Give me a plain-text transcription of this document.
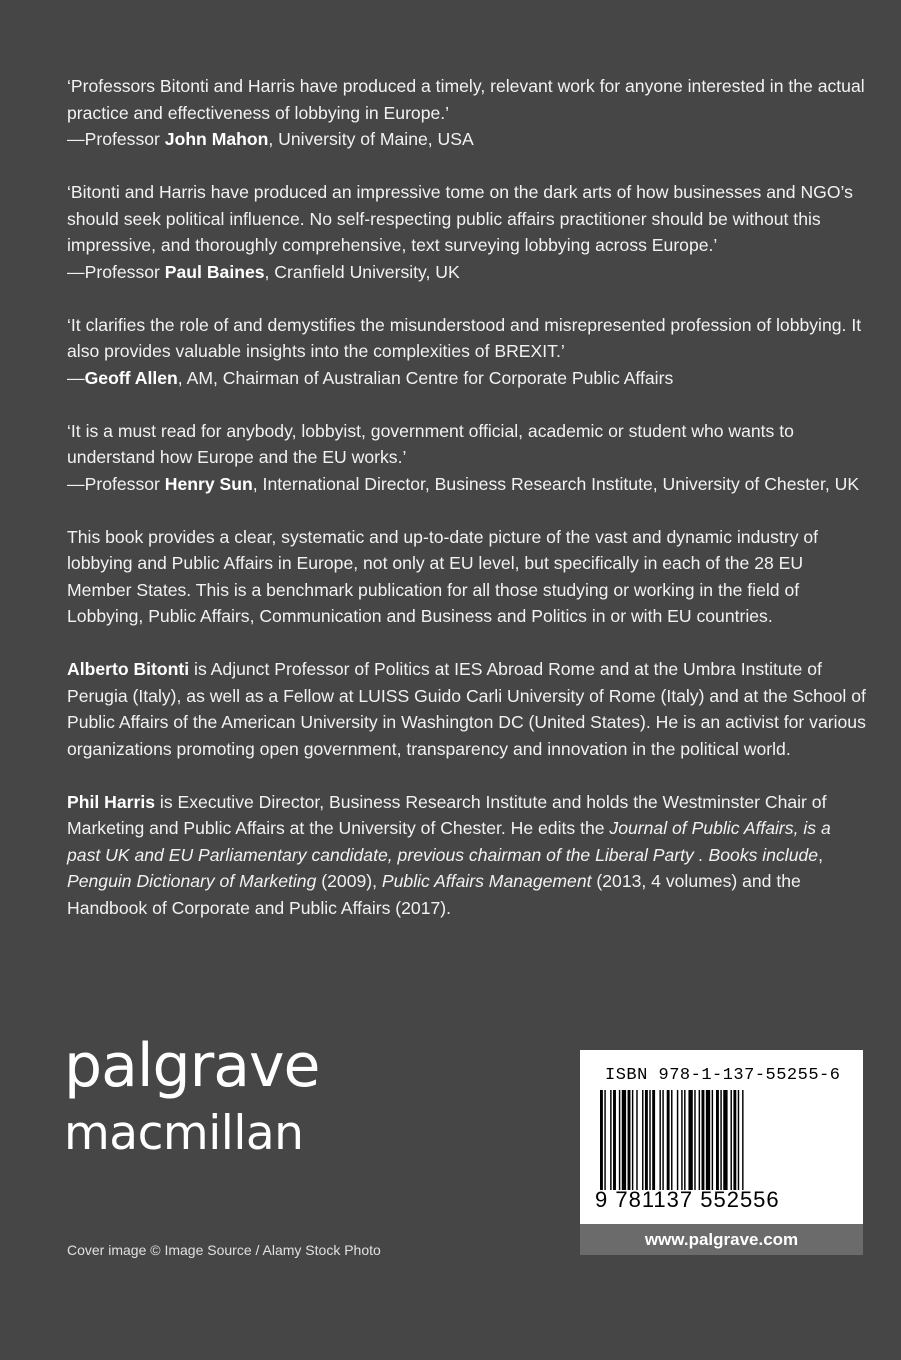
‘Professors Bitonti and Harris have produced a timely, relevant work for anyone interested in the actual practice and effectiveness of lobbying in Europe.’

—Professor John Mahon, University of Maine, USA

‘Bitonti and Harris have produced an impressive tome on the dark arts of how businesses and NGO’s should seek political influence. No self-respecting public affairs practitioner should be without this impressive, and thoroughly comprehensive, text surveying lobbying across Europe.’

—Professor Paul Baines, Cranfield University, UK

‘It clarifies the role of and demystifies the misunderstood and misrepresented profession of lobbying. It also provides valuable insights into the complexities of BREXIT.’

—Geoff Allen, AM, Chairman of Australian Centre for Corporate Public Affairs

‘It is a must read for anybody, lobbyist, government official, academic or student who wants to understand how Europe and the EU works.’

—Professor Henry Sun, International Director, Business Research Institute, University of Chester, UK

This book provides a clear, systematic and up-to-date picture of the vast and dynamic industry of lobbying and Public Affairs in Europe, not only at EU level, but specifically in each of the 28 EU Member States. This is a benchmark publication for all those studying or working in the field of Lobbying, Public Affairs, Communication and Business and Politics in or with EU countries.

Alberto Bitonti is Adjunct Professor of Politics at IES Abroad Rome and at the Umbra Institute of Perugia (Italy), as well as a Fellow at LUISS Guido Carli University of Rome (Italy) and at the School of Public Affairs of the American University in Washington DC (United States). He is an activist for various organizations promoting open government, transparency and innovation in the political world.

Phil Harris is Executive Director, Business Research Institute and holds the Westminster Chair of Marketing and Public Affairs at the University of Chester. He edits the Journal of Public Affairs, is a past UK and EU Parliamentary candidate, previous chairman of the Liberal Party . Books include, Penguin Dictionary of Marketing (2009), Public Affairs Management (2013, 4 volumes) and the Handbook of Corporate and Public Affairs (2017).

palgrave
macmillan
Cover image © Image Source / Alamy Stock Photo
ISBN 978-1-137-55255-6
9 781137 552556
www.palgrave.com
